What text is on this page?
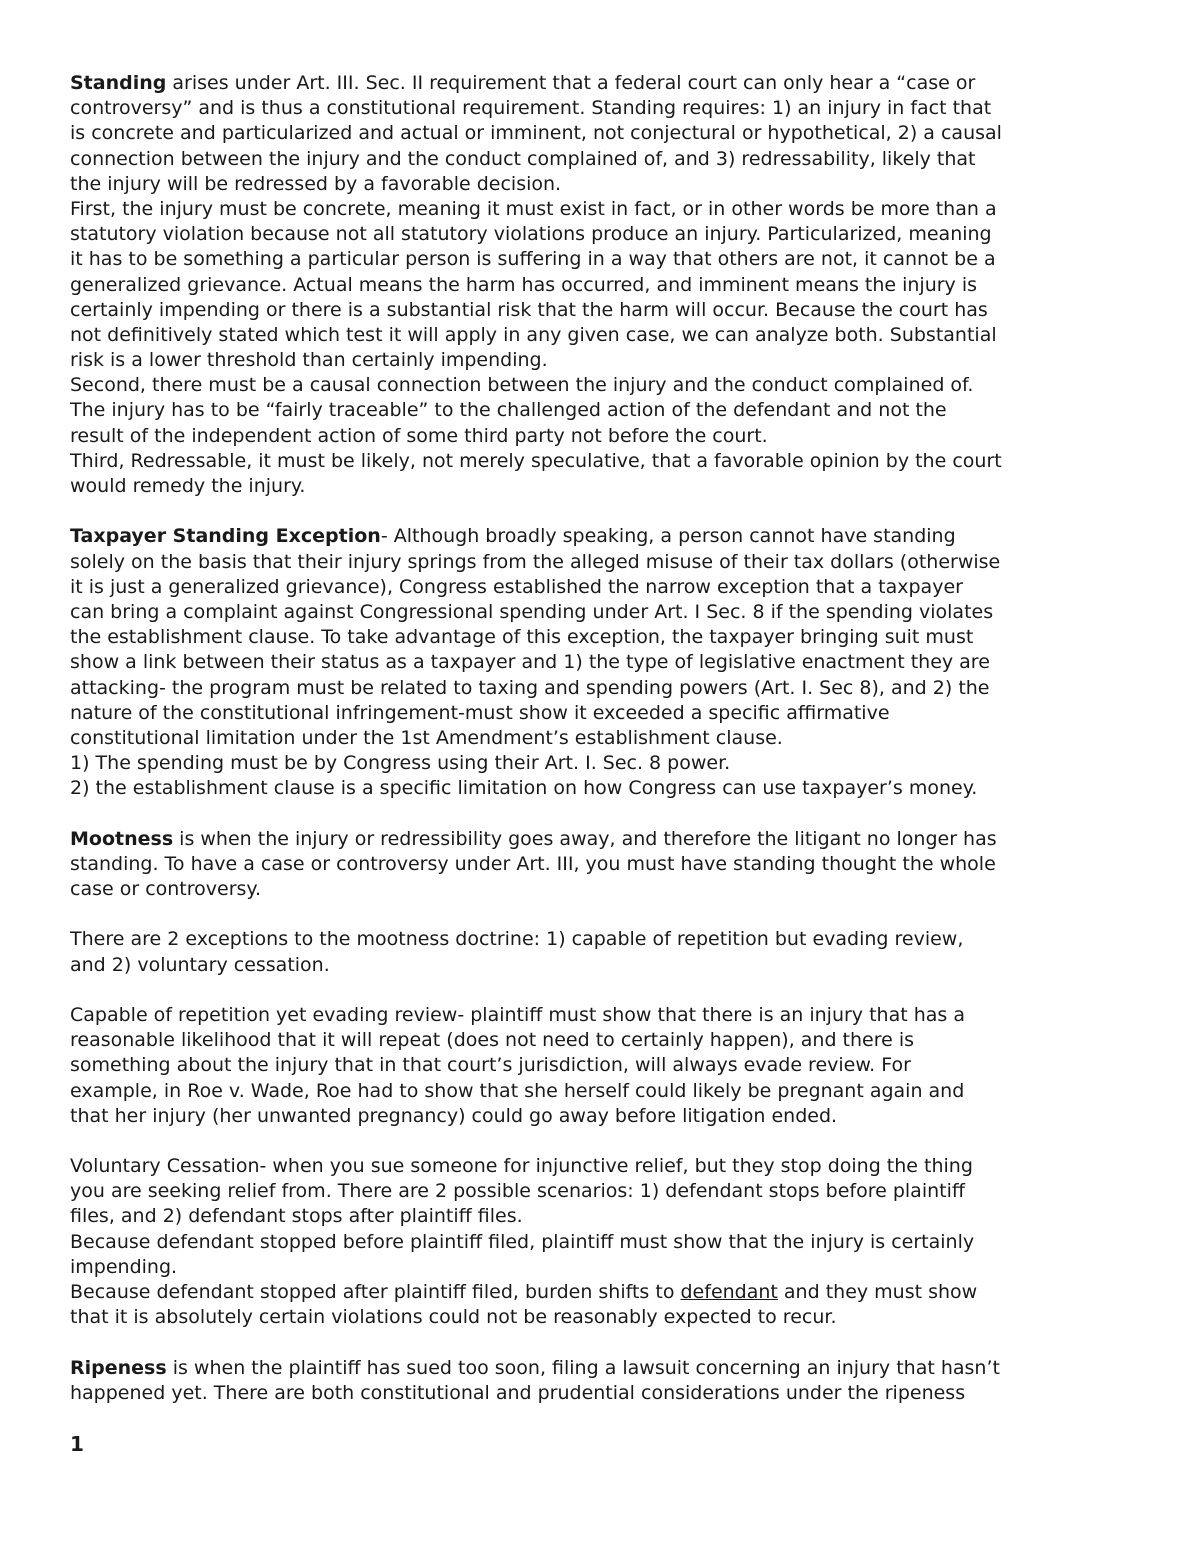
Standing arises under Art. III. Sec. II requirement that a federal court can only hear a “case or
controversy” and is thus a constitutional requirement. Standing requires: 1) an injury in fact that
is concrete and particularized and actual or imminent, not conjectural or hypothetical, 2) a causal
connection between the injury and the conduct complained of, and 3) redressability, likely that
the injury will be redressed by a favorable decision.
First, the injury must be concrete, meaning it must exist in fact, or in other words be more than a
statutory violation because not all statutory violations produce an injury. Particularized, meaning
it has to be something a particular person is suffering in a way that others are not, it cannot be a
generalized grievance. Actual means the harm has occurred, and imminent means the injury is
certainly impending or there is a substantial risk that the harm will occur. Because the court has
not definitively stated which test it will apply in any given case, we can analyze both. Substantial
risk is a lower threshold than certainly impending.
Second, there must be a causal connection between the injury and the conduct complained of.
The injury has to be “fairly traceable” to the challenged action of the defendant and not the
result of the independent action of some third party not before the court.
Third, Redressable, it must be likely, not merely speculative, that a favorable opinion by the court
would remedy the injury.
Taxpayer Standing Exception- Although broadly speaking, a person cannot have standing
solely on the basis that their injury springs from the alleged misuse of their tax dollars (otherwise
it is just a generalized grievance), Congress established the narrow exception that a taxpayer
can bring a complaint against Congressional spending under Art. I Sec. 8 if the spending violates
the establishment clause. To take advantage of this exception, the taxpayer bringing suit must
show a link between their status as a taxpayer and 1) the type of legislative enactment they are
attacking- the program must be related to taxing and spending powers (Art. I. Sec 8), and 2) the
nature of the constitutional infringement-must show it exceeded a specific affirmative
constitutional limitation under the 1st Amendment’s establishment clause.
1) The spending must be by Congress using their Art. I. Sec. 8 power.
2) the establishment clause is a specific limitation on how Congress can use taxpayer’s money.
Mootness is when the injury or redressibility goes away, and therefore the litigant no longer has
standing. To have a case or controversy under Art. III, you must have standing thought the whole
case or controversy.
There are 2 exceptions to the mootness doctrine: 1) capable of repetition but evading review,
and 2) voluntary cessation.
Capable of repetition yet evading review- plaintiff must show that there is an injury that has a
reasonable likelihood that it will repeat (does not need to certainly happen), and there is
something about the injury that in that court’s jurisdiction, will always evade review. For
example, in Roe v. Wade, Roe had to show that she herself could likely be pregnant again and
that her injury (her unwanted pregnancy) could go away before litigation ended.
Voluntary Cessation- when you sue someone for injunctive relief, but they stop doing the thing
you are seeking relief from. There are 2 possible scenarios: 1) defendant stops before plaintiff
files, and 2) defendant stops after plaintiff files.
Because defendant stopped before plaintiff filed, plaintiff must show that the injury is certainly
impending.
Because defendant stopped after plaintiff filed, burden shifts to defendant and they must show
that it is absolutely certain violations could not be reasonably expected to recur.
Ripeness is when the plaintiff has sued too soon, filing a lawsuit concerning an injury that hasn’t
happened yet. There are both constitutional and prudential considerations under the ripeness
1
